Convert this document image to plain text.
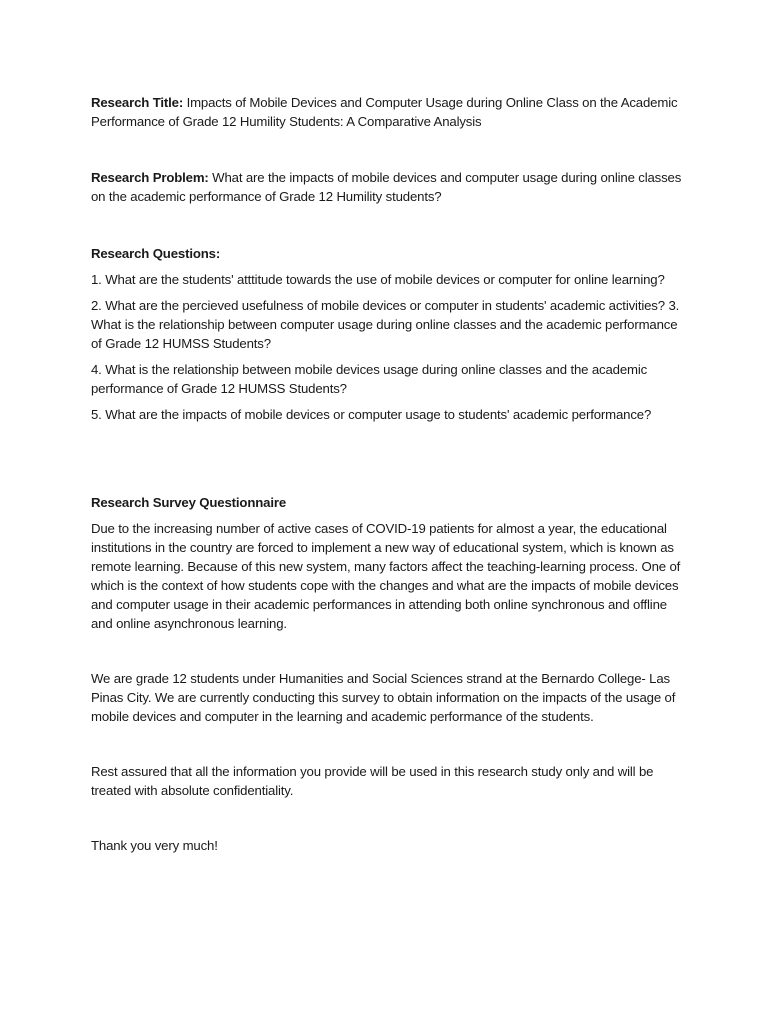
Research Title: Impacts of Mobile Devices and Computer Usage during Online Class on the Academic Performance of Grade 12 Humility Students: A Comparative Analysis

Research Problem: What are the impacts of mobile devices and computer usage during online classes on the academic performance of Grade 12 Humility students?

Research Questions:

1. What are the students' atttitude towards the use of mobile devices or computer for online learning?

2. What are the percieved usefulness of mobile devices or computer in students' academic activities? 3. What is the relationship between computer usage during online classes and the academic performance of Grade 12 HUMSS Students?

4. What is the relationship between mobile devices usage during online classes and the academic performance of Grade 12 HUMSS Students?

5. What are the impacts of mobile devices or computer usage to students' academic performance?

Research Survey Questionnaire

Due to the increasing number of active cases of COVID-19 patients for almost a year, the educational institutions in the country are forced to implement a new way of educational system, which is known as remote learning. Because of this new system, many factors affect the teaching-learning process. One of which is the context of how students cope with the changes and what are the impacts of mobile devices and computer usage in their academic performances in attending both online synchronous and offline and online asynchronous learning.

We are grade 12 students under Humanities and Social Sciences strand at the Bernardo College- Las Pinas City. We are currently conducting this survey to obtain information on the impacts of the usage of mobile devices and computer in the learning and academic performance of the students.

Rest assured that all the information you provide will be used in this research study only and will be treated with absolute confidentiality.

Thank you very much!
